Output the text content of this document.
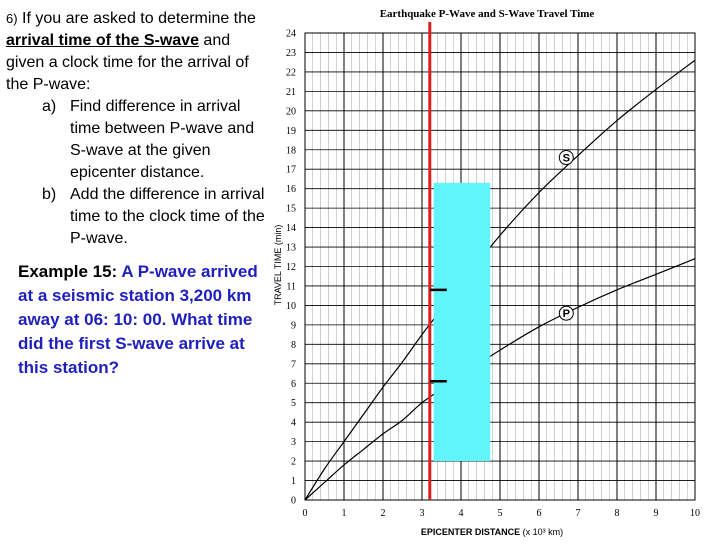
6) If you are asked to determine the arrival time of the S-wave and given a clock time for the arrival of the P-wave:

a) Find difference in arrival time between P-wave and S-wave at the given epicenter distance.
b) Add the difference in arrival time to the clock time of the P-wave.

Example 15: A P-wave arrived at a seismic station 3,200 km away at 06: 10: 00. What time did the first S-wave arrive at this station?

Earthquake P-Wave and S-Wave Travel Time
TRAVEL TIME (min)
EPICENTER DISTANCE (x 10³ km)
0
1
2
3
4
5
6
7
8
9
10
11
12
13
14
15
16
17
18
19
20
21
22
23
24
0	1	2	3	4	5	6	7	8	9	10
S
P
